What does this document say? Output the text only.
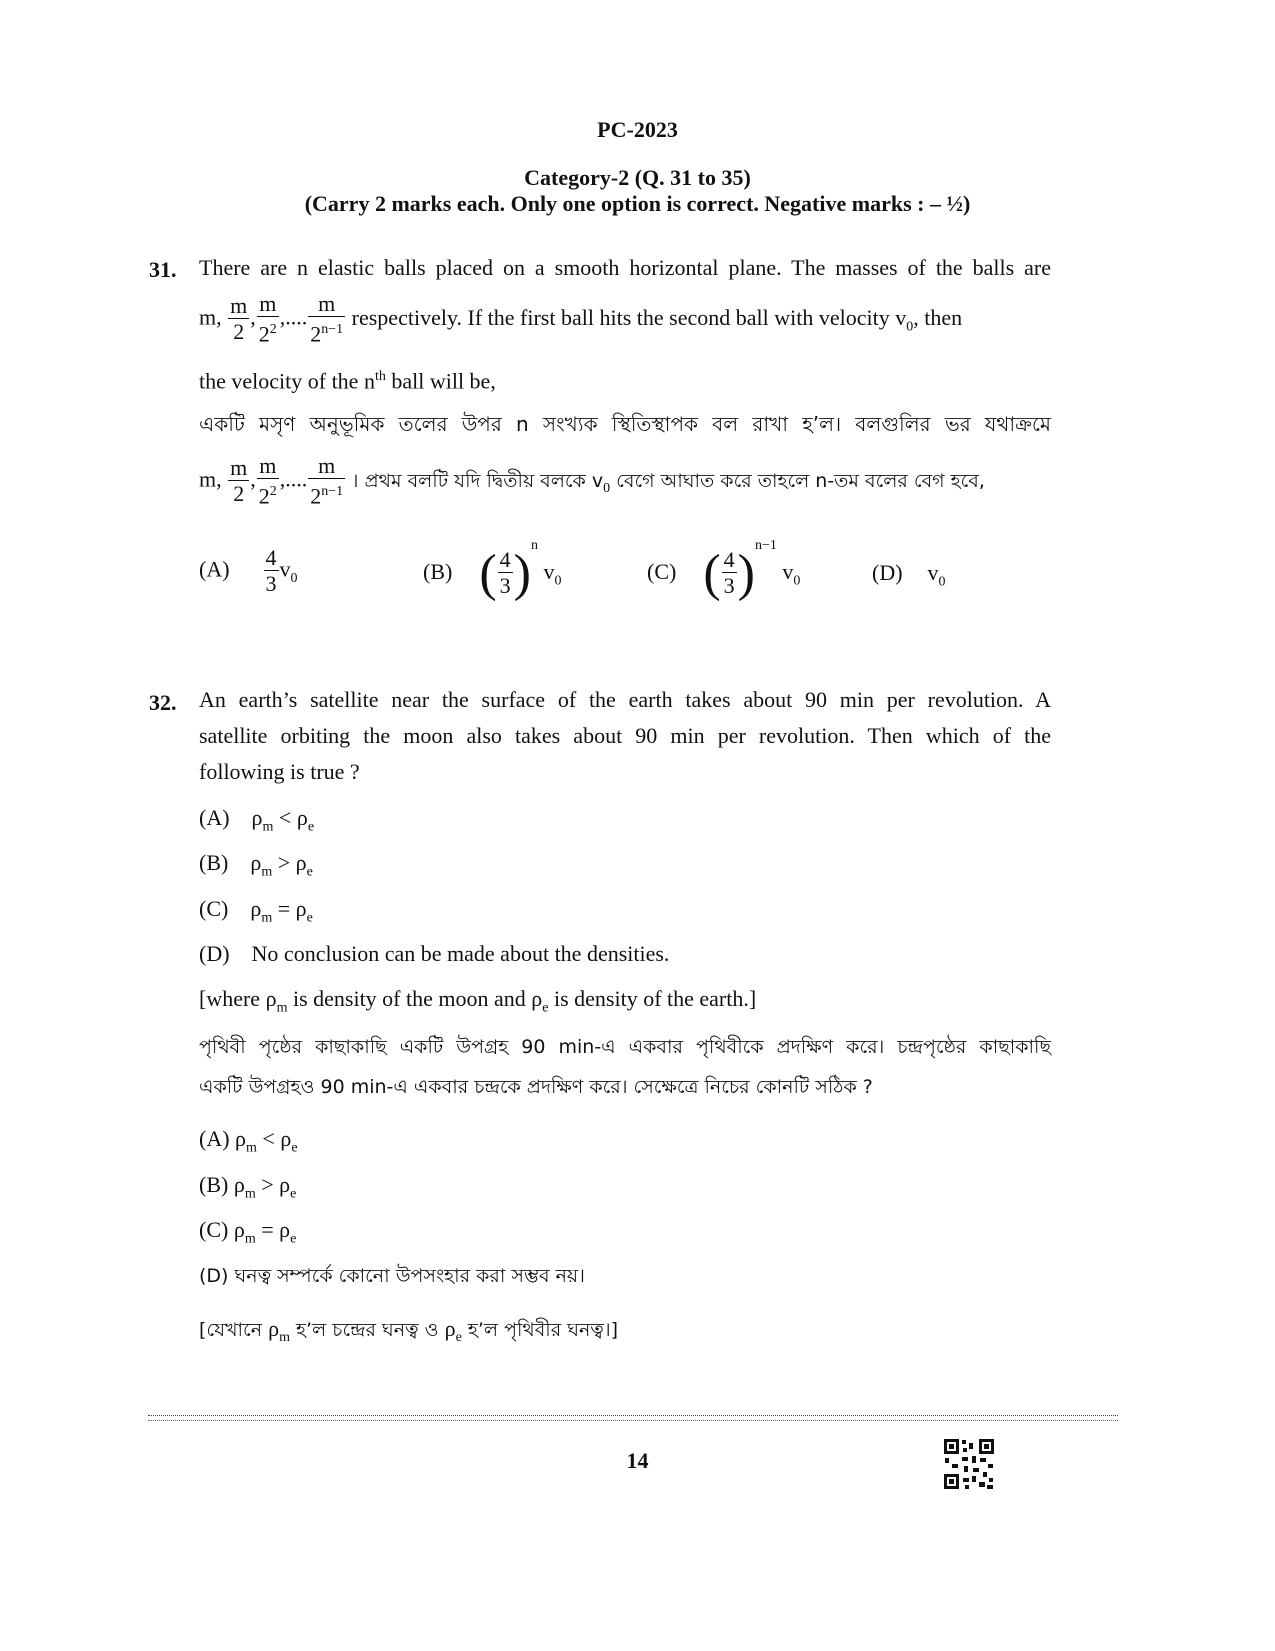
PC-2023
Category-2 (Q. 31 to 35)
(Carry 2 marks each. Only one option is correct. Negative marks : – ½)
31. There are n elastic balls placed on a smooth horizontal plane. The masses of the balls are
m, $\frac{m}{2}$ , $\frac{m}{2^2}$ ,.... $\frac{m}{2^{n-1}}$ respectively. If the first ball hits the second ball with velocity $v_0$, then
the velocity of the $n^{th}$ ball will be,
একটি মসৃণ অনুভূমিক তলের উপর n সংখ্যক স্থিতিস্থাপক বল রাখা হ’ল। বলগুলির ভর যথাক্রমে
m, $\frac{m}{2}$ , $\frac{m}{2^2}$ ,.... $\frac{m}{2^{n-1}}$ । প্রথম বলটি যদি দ্বিতীয় বলকে $v_0$ বেগে আঘাত করে তাহলে n-তম বলের বেগ হবে,
$(A) \frac{4}{3} v_0$	(B) ( $\frac{4}{3} )^n$ $v_0$	(C) ( $\frac{4}{3} )^{n-1}$ $v_0$	(D) $v_0$
32. An earth’s satellite near the surface of the earth takes about 90 min per revolution. A
satellite orbiting the moon also takes about 90 min per revolution. Then which of the
following is true ?
(A) $\rho_m < \rho_e$
(B) $\rho_m > \rho_e$
(C) $\rho_m = \rho_e$
(D) No conclusion can be made about the densities.
[where $\rho_m$ is density of the moon and $\rho_e$ is density of the earth.]
পৃথিবী পৃষ্ঠের কাছাকাছি একটি উপগ্রহ 90 min-এ একবার পৃথিবীকে প্রদক্ষিণ করে। চন্দ্রপৃষ্ঠের কাছাকাছি
একটি উপগ্রহও 90 min-এ একবার চন্দ্রকে প্রদক্ষিণ করে। সেক্ষেত্রে নিচের কোনটি সঠিক ?
(A) $\rho_m < \rho_e$
(B) $\rho_m > \rho_e$
(C) $\rho_m = \rho_e$
(D) ঘনত্ব সম্পর্কে কোনো উপসংহার করা সম্ভব নয়।
[যেখানে $\rho_m$ হ’ল চন্দ্রের ঘনত্ব ও $\rho_e$ হ’ল পৃথিবীর ঘনত্ব।]
14
